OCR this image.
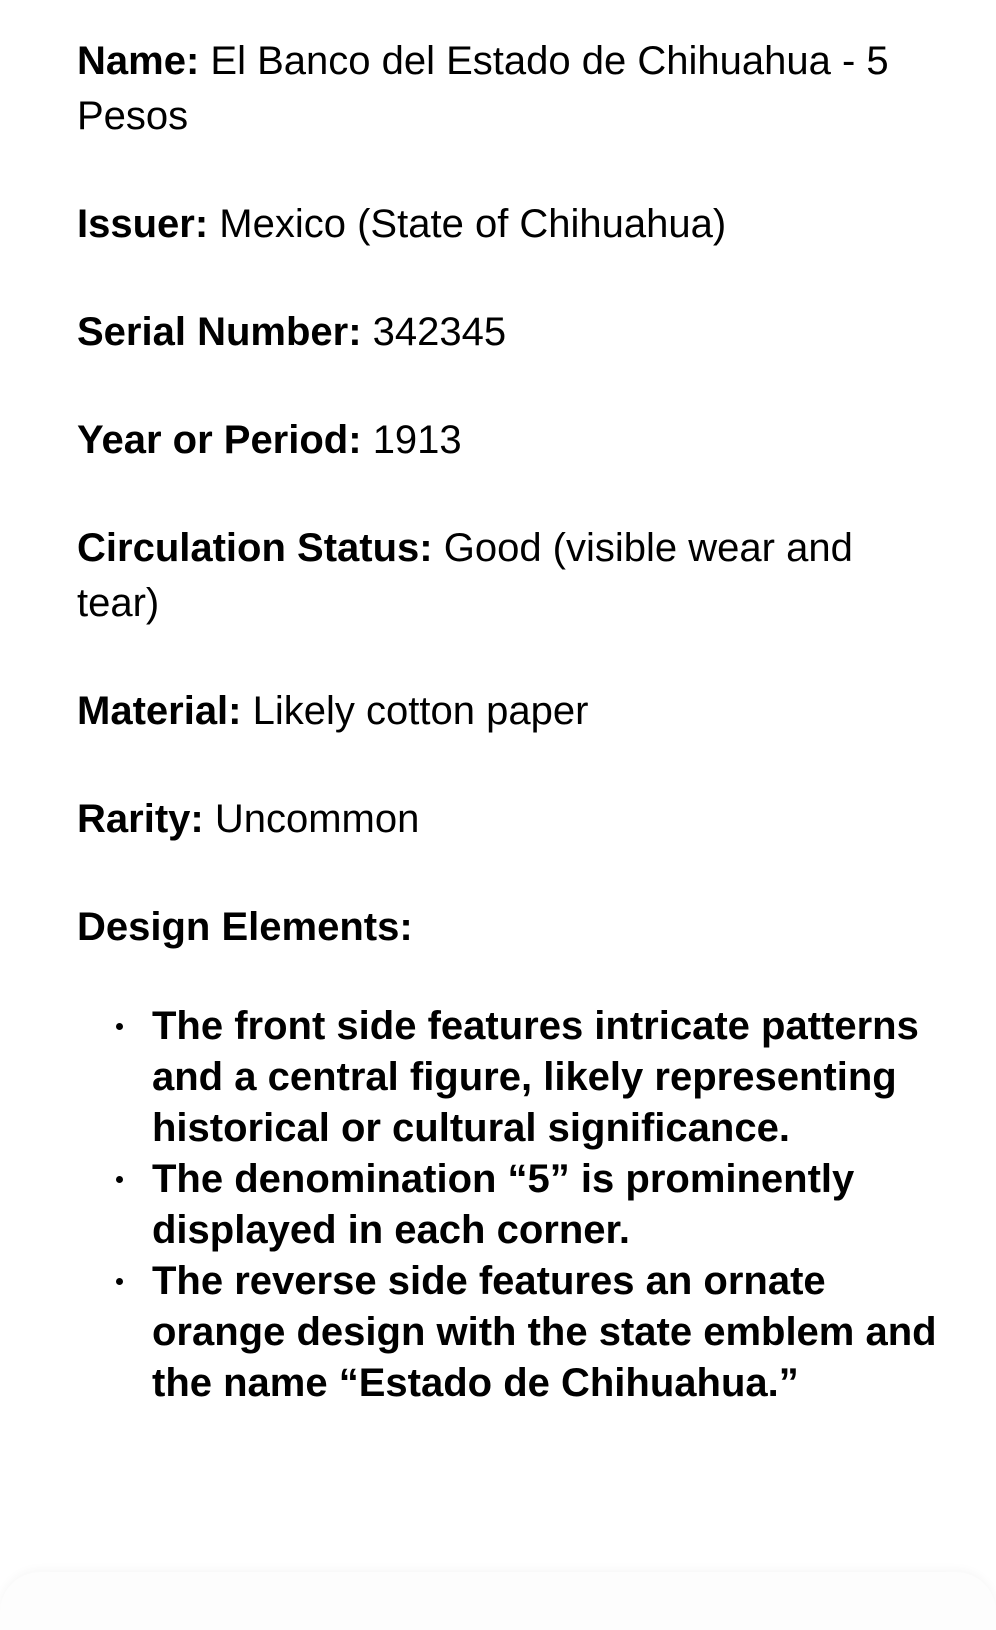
Name: El Banco del Estado de Chihuahua - 5 Pesos

Issuer: Mexico (State of Chihuahua)

Serial Number: 342345

Year or Period: 1913

Circulation Status: Good (visible wear and tear)

Material: Likely cotton paper

Rarity: Uncommon

Design Elements:

The front side features intricate patterns and a central figure, likely representing historical or cultural significance.
The denomination “5” is prominently displayed in each corner.
The reverse side features an ornate orange design with the state emblem and the name “Estado de Chihuahua.”
